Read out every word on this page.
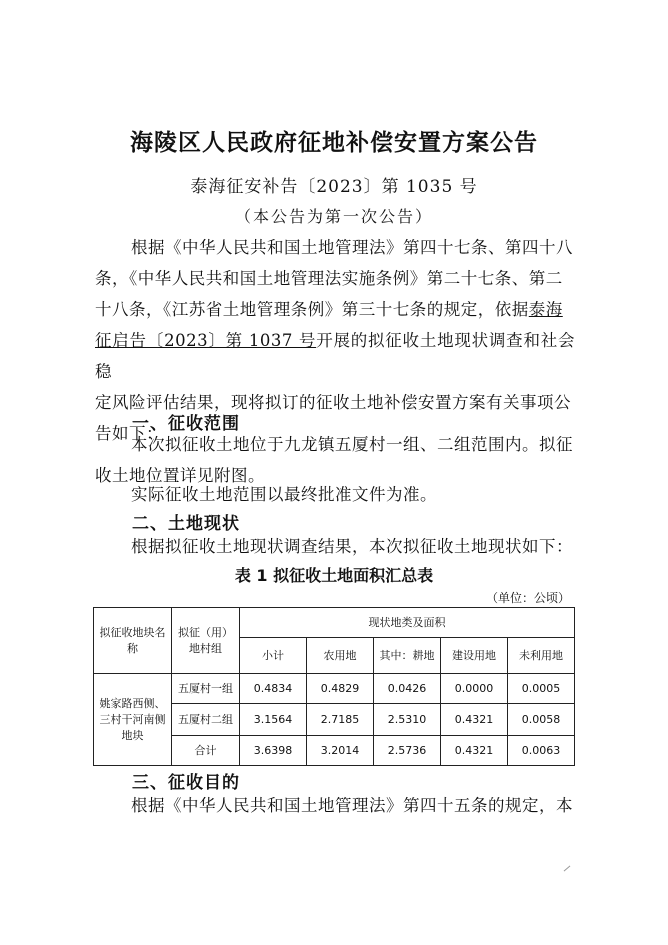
海陵区人民政府征地补偿安置方案公告
泰海征安补告〔2023〕第 1035 号
（本公告为第一次公告）
根据《中华人民共和国土地管理法》第四十七条、第四十八
条，《中华人民共和国土地管理法实施条例》第二十七条、第二
十八条，《江苏省土地管理条例》第三十七条的规定，依据泰海
征启告〔2023〕第 1037 号开展的拟征收土地现状调查和社会稳
定风险评估结果，现将拟订的征收土地补偿安置方案有关事项公
告如下：
一、征收范围
本次拟征收土地位于九龙镇五厦村一组、二组范围内。拟征
收土地位置详见附图。
实际征收土地范围以最终批准文件为准。
二、土地现状
根据拟征收土地现状调查结果，本次拟征收土地现状如下：
表 1 拟征收土地面积汇总表
（单位：公顷）
拟征收地块名称	拟征（用）地村组	现状地类及面积				
		小计	农用地	其中：耕地	建设用地	未利用地
姚家路西侧、三村干河南侧地块	五厦村一组	0.4834	0.4829	0.0426	0.0000	0.0005
	五厦村二组	3.1564	2.7185	2.5310	0.4321	0.0058
	合计	3.6398	3.2014	2.5736	0.4321	0.0063
三、征收目的
根据《中华人民共和国土地管理法》第四十五条的规定，本
